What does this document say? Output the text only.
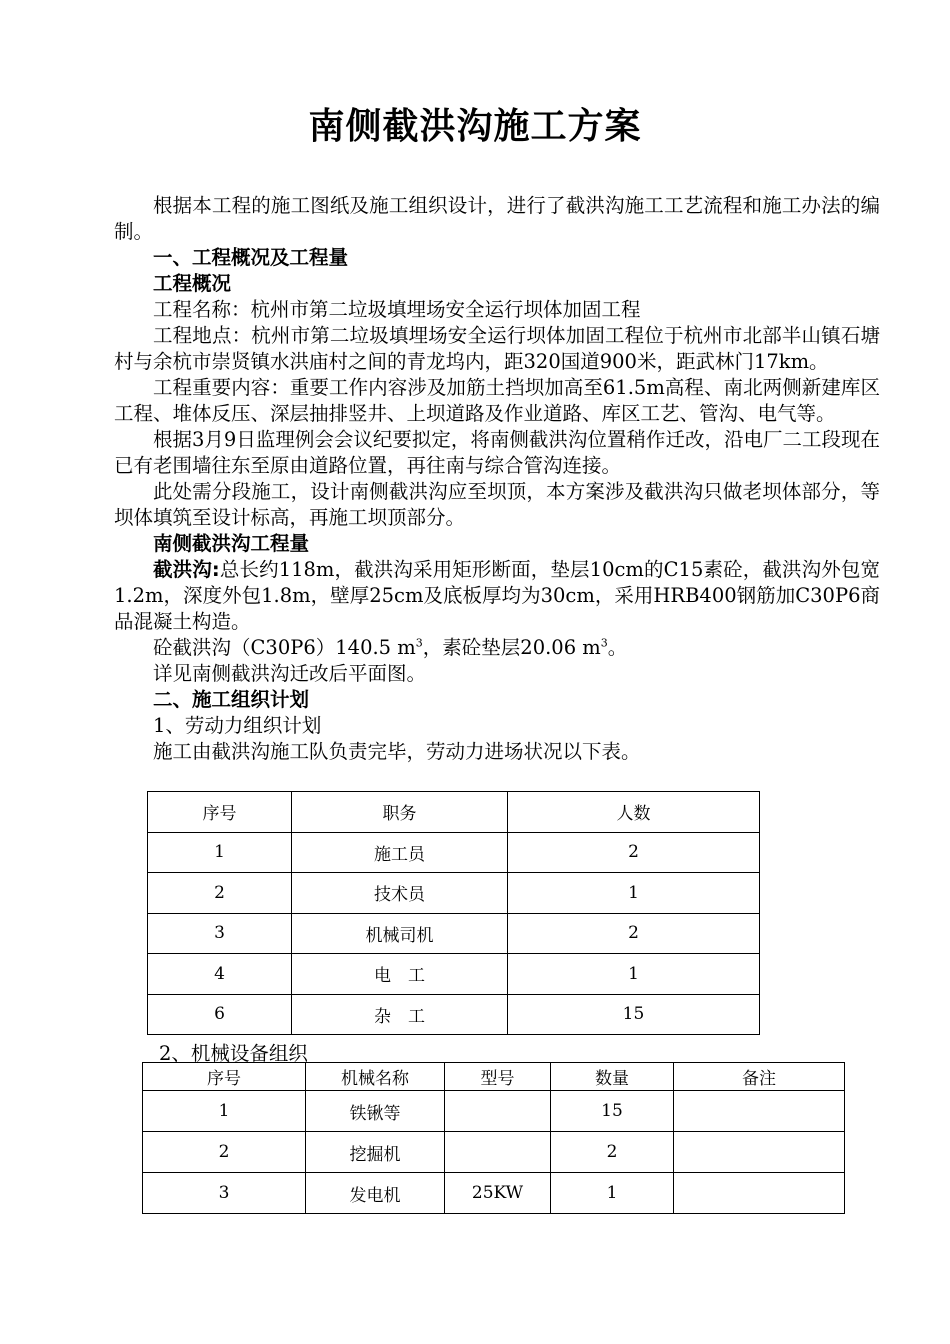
南侧截洪沟施工方案

根据本工程的施工图纸及施工组织设计，进行了截洪沟施工工艺流程和施工办法的编制。

一、工程概况及工程量

工程概况

工程名称：杭州市第二垃圾填埋场安全运行坝体加固工程

工程地点：杭州市第二垃圾填埋场安全运行坝体加固工程位于杭州市北部半山镇石塘村与余杭市崇贤镇水洪庙村之间的青龙坞内，距320国道900米，距武林门17km。

工程重要内容：重要工作内容涉及加筋土挡坝加高至61.5m高程、南北两侧新建库区工程、堆体反压、深层抽排竖井、上坝道路及作业道路、库区工艺、管沟、电气等。

根据3月9日监理例会会议纪要拟定，将南侧截洪沟位置稍作迁改，沿电厂二工段现在已有老围墙往东至原由道路位置，再往南与综合管沟连接。

此处需分段施工，设计南侧截洪沟应至坝顶，本方案涉及截洪沟只做老坝体部分，等坝体填筑至设计标高，再施工坝顶部分。

南侧截洪沟工程量

截洪沟:总长约118m，截洪沟采用矩形断面，垫层10cm的C15素砼，截洪沟外包宽1.2m，深度外包1.8m，壁厚25cm及底板厚均为30cm，采用HRB400钢筋加C30P6商品混凝土构造。

砼截洪沟（C30P6）140.5 $m^3$，素砼垫层20.06 $m^3$。

详见南侧截洪沟迁改后平面图。

二、施工组织计划

1、劳动力组织计划

施工由截洪沟施工队负责完毕，劳动力进场状况以下表。

序号	职务	人数
1	施工员	2
2	技术员	1
3	机械司机	2
4	电　工	1
6	杂　工	15
2、机械设备组织
序号	机械名称	型号	数量	备注
1	铁锹等		15	
2	挖掘机		2	
3	发电机	25KW	1	
